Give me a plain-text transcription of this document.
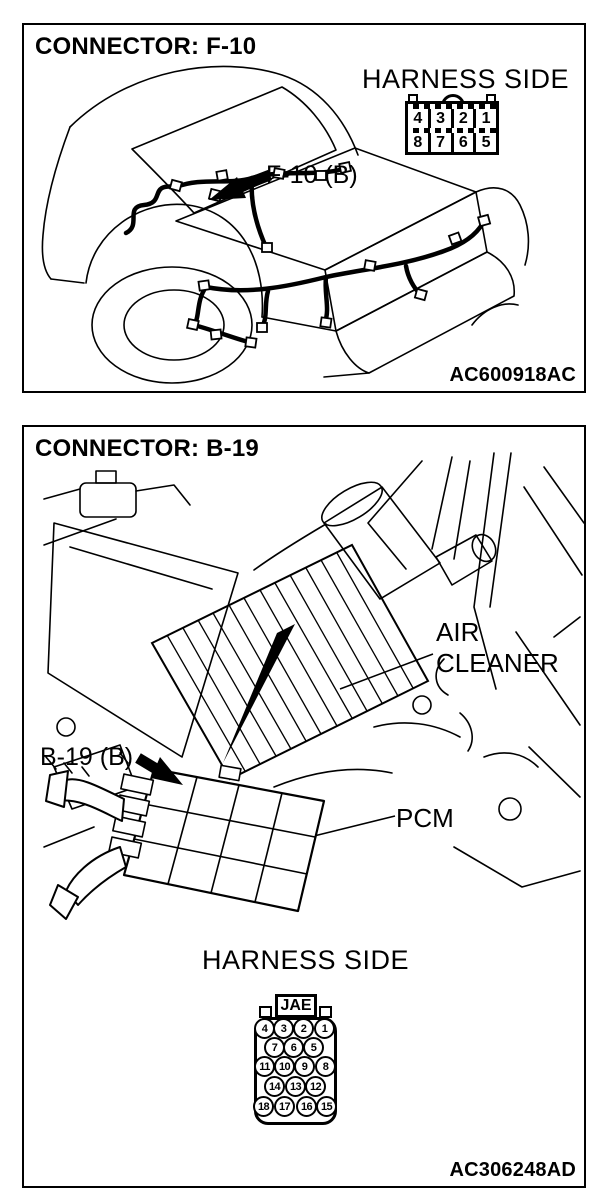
CONNECTOR: F-10
HARNESS SIDE
F-10 (B)
4 3 2 1
8 7 6 5
AC600918AC
CONNECTOR: B-19
AIR
CLEANER
B-19 (B)
PCM
HARNESS SIDE
JAE
4	3	2	1
7	6	5
11 10	9	8
14 13 12
18 17 16 15
AC306248AD
